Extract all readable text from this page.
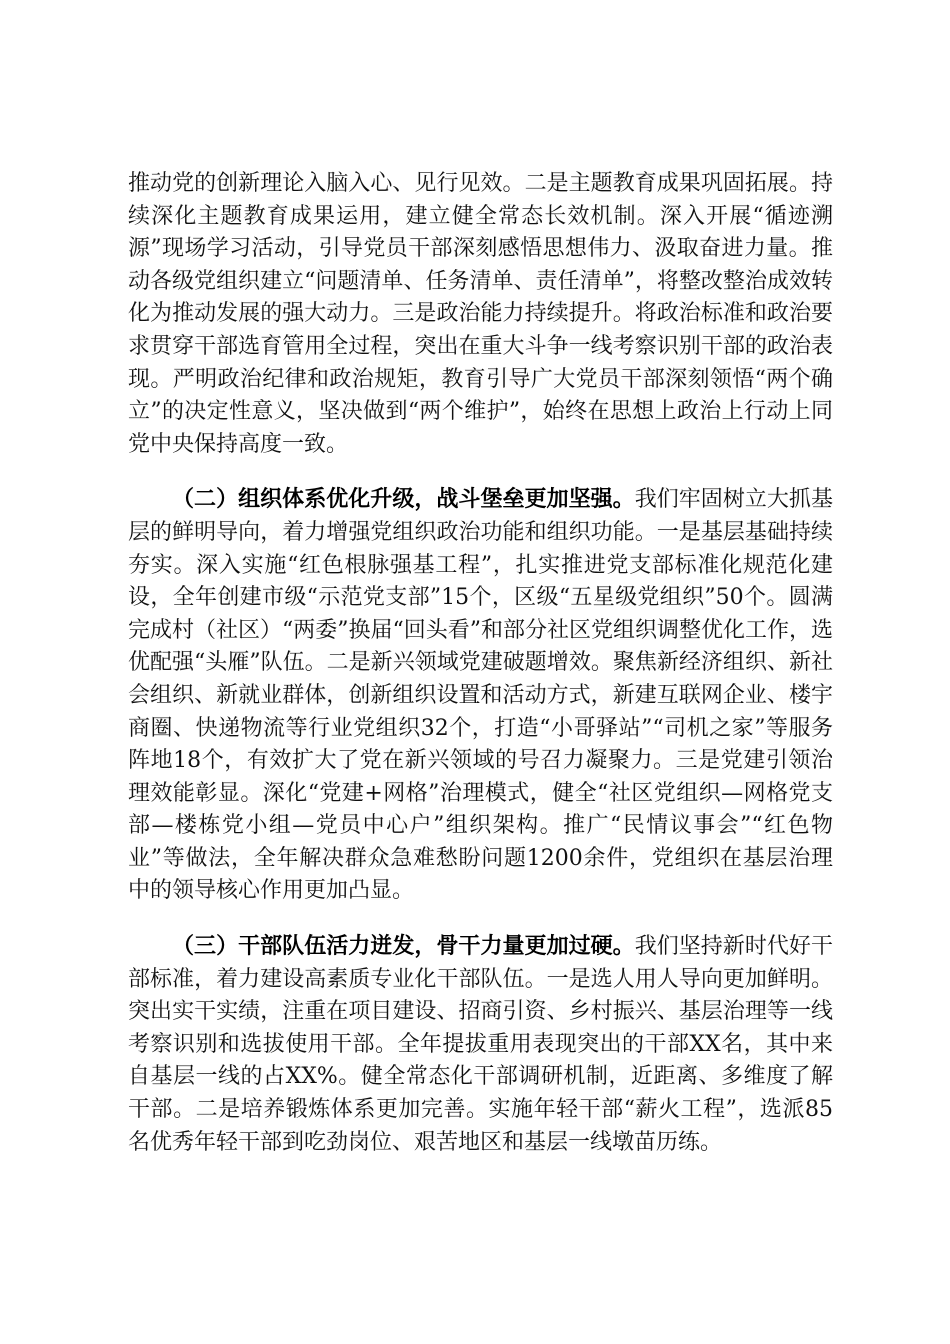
推动党的创新理论入脑入心、见行见效。二是主题教育成果巩固拓展。持续深化主题教育成果运用，建立健全常态长效机制。深入开展“循迹溯源”现场学习活动，引导党员干部深刻感悟思想伟力、汲取奋进力量。推动各级党组织建立“问题清单、任务清单、责任清单”，将整改整治成效转化为推动发展的强大动力。三是政治能力持续提升。将政治标准和政治要求贯穿干部选育管用全过程，突出在重大斗争一线考察识别干部的政治表现。严明政治纪律和政治规矩，教育引导广大党员干部深刻领悟“两个确立”的决定性意义，坚决做到“两个维护”，始终在思想上政治上行动上同党中央保持高度一致。

（二）组织体系优化升级，战斗堡垒更加坚强。我们牢固树立大抓基层的鲜明导向，着力增强党组织政治功能和组织功能。一是基层基础持续夯实。深入实施“红色根脉强基工程”，扎实推进党支部标准化规范化建设，全年创建市级“示范党支部”15个，区级“五星级党组织”50个。圆满完成村（社区）“两委”换届“回头看”和部分社区党组织调整优化工作，选优配强“头雁”队伍。二是新兴领域党建破题增效。聚焦新经济组织、新社会组织、新就业群体，创新组织设置和活动方式，新建互联网企业、楼宇商圈、快递物流等行业党组织32个，打造“小哥驿站”“司机之家”等服务阵地18个，有效扩大了党在新兴领域的号召力凝聚力。三是党建引领治理效能彰显。深化“党建+网格”治理模式，健全“社区党组织—网格党支部—楼栋党小组—党员中心户”组织架构。推广“民情议事会”“红色物业”等做法，全年解决群众急难愁盼问题1200余件，党组织在基层治理中的领导核心作用更加凸显。

（三）干部队伍活力迸发，骨干力量更加过硬。我们坚持新时代好干部标准，着力建设高素质专业化干部队伍。一是选人用人导向更加鲜明。突出实干实绩，注重在项目建设、招商引资、乡村振兴、基层治理等一线考察识别和选拔使用干部。全年提拔重用表现突出的干部XX名，其中来自基层一线的占XX%。健全常态化干部调研机制，近距离、多维度了解干部。二是培养锻炼体系更加完善。实施年轻干部“薪火工程”，选派85名优秀年轻干部到吃劲岗位、艰苦地区和基层一线墩苗历练。
